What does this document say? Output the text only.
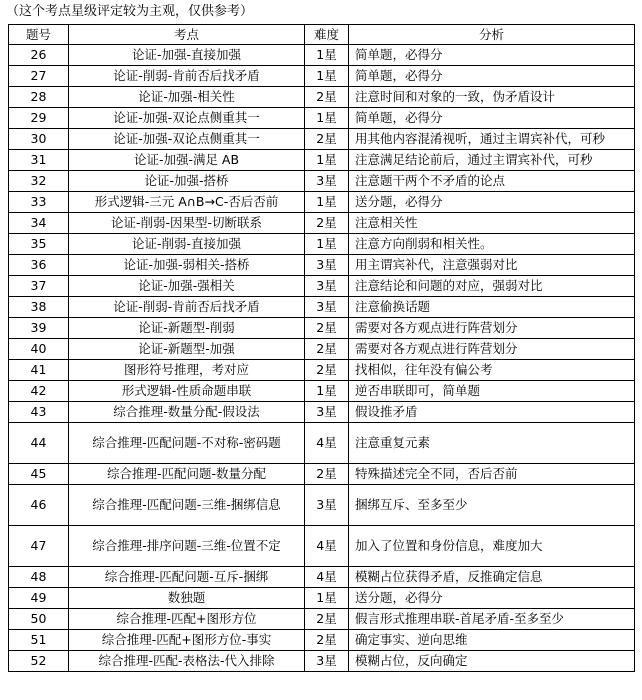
（这个考点星级评定较为主观，仅供参考）
题号	考点	难度	分析
26	论证-加强-直接加强	1星	简单题，必得分
27	论证-削弱-肯前否后找矛盾	1星	简单题，必得分
28	论证-加强-相关性	2星	注意时间和对象的一致，伪矛盾设计
29	论证-加强-双论点侧重其一	1星	简单题，必得分
30	论证-加强-双论点侧重其一	2星	用其他内容混淆视听，通过主谓宾补代，可秒
31	论证-加强-满足 AB	1星	注意满足结论前后，通过主谓宾补代，可秒
32	论证-加强-搭桥	3星	注意题干两个不矛盾的论点
33	形式逻辑-三元 A∩B→C-否后否前	1星	送分题，必得分
34	论证-削弱-因果型-切断联系	2星	注意相关性
35	论证-削弱-直接加强	1星	注意方向削弱和相关性。
36	论证-加强-弱相关-搭桥	3星	用主谓宾补代，注意强弱对比
37	论证-加强-强相关	3星	注意结论和问题的对应，强弱对比
38	论证-削弱-肯前否后找矛盾	3星	注意偷换话题
39	论证-新题型-削弱	2星	需要对各方观点进行阵营划分
40	论证-新题型-加强	2星	需要对各方观点进行阵营划分
41	图形符号推理，考对应	2星	找相似，往年没有偏公考
42	形式逻辑-性质命题串联	1星	逆否串联即可，简单题
43	综合推理-数量分配-假设法	3星	假设推矛盾
44	综合推理-匹配问题-不对称-密码题	4星	注意重复元素
45	综合推理-匹配问题-数量分配	2星	特殊描述完全不同，否后否前
46	综合推理-匹配问题-三维-捆绑信息	3星	捆绑互斥、至多至少
47	综合推理-排序问题-三维-位置不定	4星	加入了位置和身份信息，难度加大
48	综合推理-匹配问题-互斥-捆绑	4星	模糊占位获得矛盾，反推确定信息
49	数独题	1星	送分题，必得分
50	综合推理-匹配+图形方位	2星	假言形式推理串联-首尾矛盾-至多至少
51	综合推理-匹配+图形方位-事实	2星	确定事实、逆向思维
52	综合推理-匹配-表格法-代入排除	3星	模糊占位，反向确定
